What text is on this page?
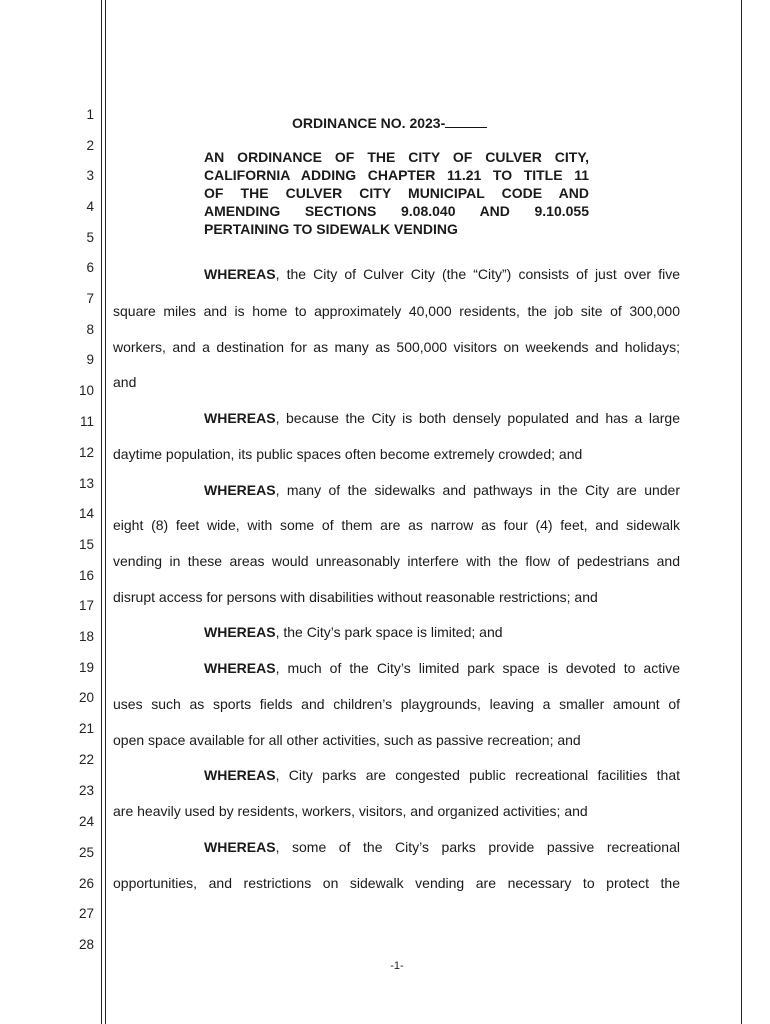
1
2
3
4
5
6
7
8
9
10
11
12
13
14
15
16
17
18
19
20
21
22
23
24
25
26
27
28
ORDINANCE NO. 2023-
AN ORDINANCE OF THE CITY OF CULVER CITY,
CALIFORNIA ADDING CHAPTER 11.21 TO TITLE 11
OF THE CULVER CITY MUNICIPAL CODE AND
AMENDING SECTIONS 9.08.040 AND 9.10.055
PERTAINING TO SIDEWALK VENDING
WHEREAS, the City of Culver City (the “City”) consists of just over five
square miles and is home to approximately 40,000 residents, the job site of 300,000
workers, and a destination for as many as 500,000 visitors on weekends and holidays;
and
WHEREAS, because the City is both densely populated and has a large
daytime population, its public spaces often become extremely crowded; and
WHEREAS, many of the sidewalks and pathways in the City are under
eight (8) feet wide, with some of them are as narrow as four (4) feet, and sidewalk
vending in these areas would unreasonably interfere with the flow of pedestrians and
disrupt access for persons with disabilities without reasonable restrictions; and
WHEREAS, the City’s park space is limited; and
WHEREAS, much of the City’s limited park space is devoted to active
uses such as sports fields and children’s playgrounds, leaving a smaller amount of
open space available for all other activities, such as passive recreation; and
WHEREAS, City parks are congested public recreational facilities that
are heavily used by residents, workers, visitors, and organized activities; and
WHEREAS, some of the City’s parks provide passive recreational
opportunities, and restrictions on sidewalk vending are necessary to protect the
-1-
